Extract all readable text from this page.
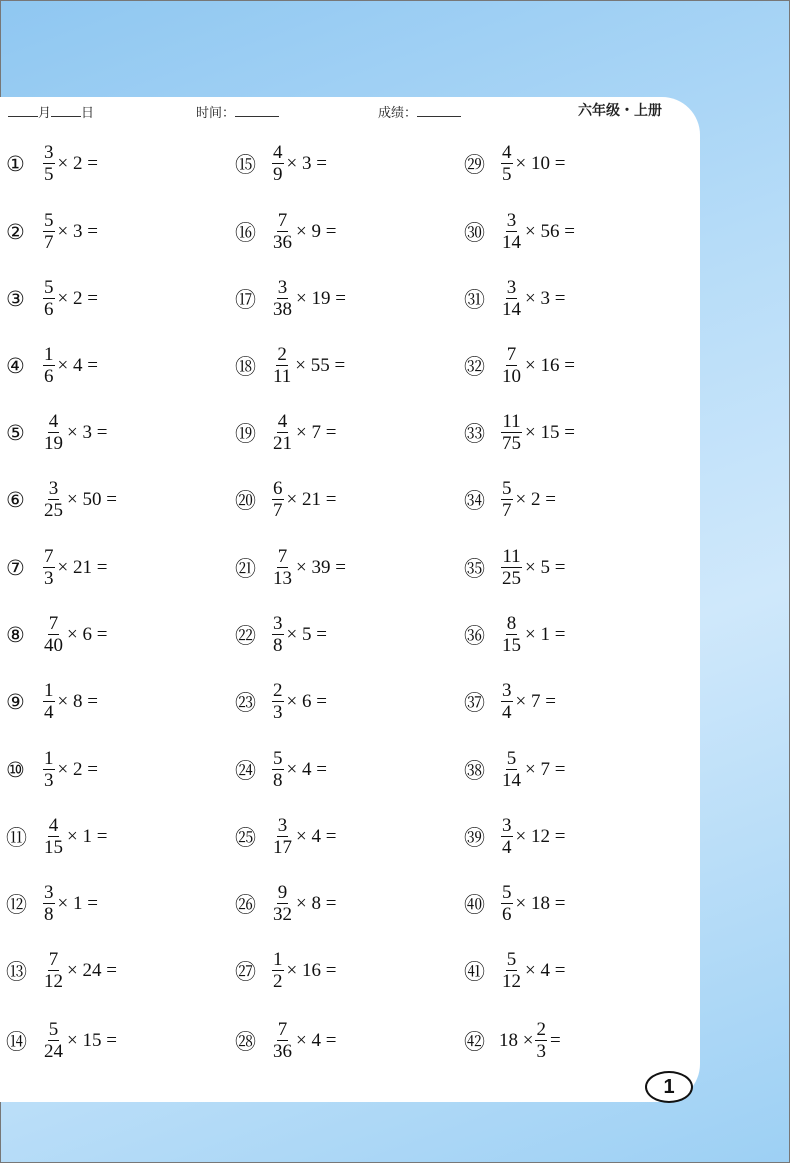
月 日	时间：	成绩：	六年级・上册
① $\frac{3}{5} \times 2$ =
② $\frac{5}{7} \times 3$ =
③ $\frac{5}{6} \times 2$ =
④ $\frac{1}{6} \times 4$ =
⑤ $\frac{4}{19} \times 3$ =
⑥ $\frac{3}{25} \times 50$ =
⑦ $\frac{7}{3} \times 21$ =
⑧ $\frac{7}{40} \times 6$ =
⑨ $\frac{1}{4} \times 8$ =
⑩ $\frac{1}{3} \times 2$ =
⑪ $\frac{4}{15} \times 1$ =
⑫ $\frac{3}{8} \times 1$ =
⑬ $\frac{7}{12} \times 24$ =
⑭ $\frac{5}{24} \times 15$ =
⑮ $\frac{4}{9} \times 3$ =
⑯ $\frac{7}{36} \times 9$ =
⑰ $\frac{3}{38} \times 19$ =
⑱ $\frac{2}{11} \times 55$ =
⑲ $\frac{4}{21} \times 7$ =
⑳ $\frac{6}{7} \times 21$ =
㉑ $\frac{7}{13} \times 39$ =
㉒ $\frac{3}{8} \times 5$ =
㉓ $\frac{2}{3} \times 6$ =
㉔ $\frac{5}{8} \times 4$ =
㉕ $\frac{3}{17} \times 4$ =
㉖ $\frac{9}{32} \times 8$ =
㉗ $\frac{1}{2} \times 16$ =
㉘ $\frac{7}{36} \times 4$ =
㉙ $\frac{4}{5} \times 10$ =
㉚ $\frac{3}{14} \times 56$ =
㉛ $\frac{3}{14} \times 3$ =
㉜ $\frac{7}{10} \times 16$ =
㉝ $\frac{11}{75} \times 15$ =
㉞ $\frac{5}{7} \times 2$ =
㉟ $\frac{11}{25} \times 5$ =
㊱ $\frac{8}{15} \times 1$ =
㊲ $\frac{3}{4} \times 7$ =
㊳ $\frac{5}{14} \times 7$ =
㊴ $\frac{3}{4} \times 12$ =
㊵ $\frac{5}{6} \times 18$ =
㊶ $\frac{5}{12} \times 4$ =
㊷ $18 \times \frac{2}{3}$ =
1
